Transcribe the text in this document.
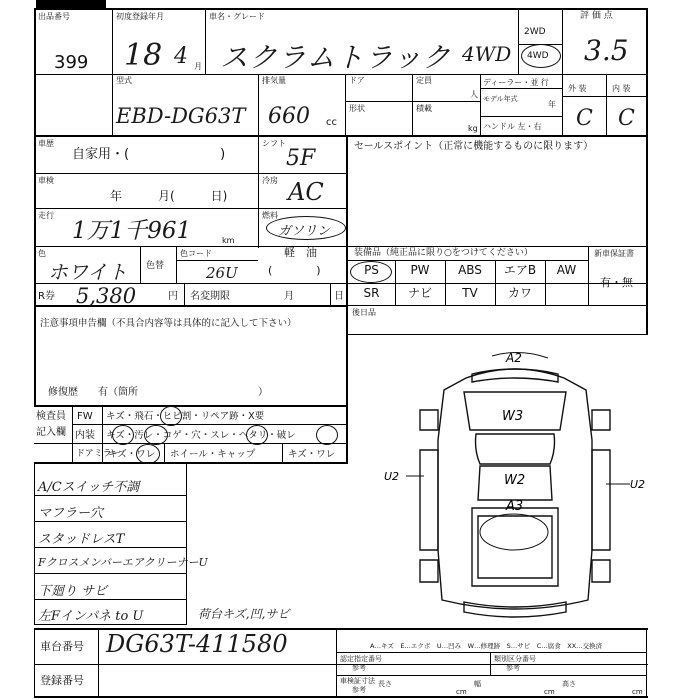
出品番号
399
初度登録年月
18 4 月
車名・グレード
スクラムトラック 4WD
2WD
4WD
評 価 点
3.5
型式
EBD-DG63T
排気量
660 cc
ドア	定員
人
形状	積載
kg
ディーラー・並 行
モデル年式
年
ハンドル 左・右
外 装	内 装
C C
車歴
自家用・(　　　　　　　)
シフト
5F	セールスポイント（正常に機能するものに限ります）
車検
年　　　月(　　　日)
冷房 AC
走行
1万1千961	km
燃料
ガソリン
軽　油
(　　　　)
色
ホワイト 色替
色コード
26U
装備品（純正品に限り○をつけてください）	新車保証書
有・無
PS	PW	ABS	エアB	AW
SR	ナビ	TV	カワ
後日品
R券 5,380	円 名変期限	月	日
注意事項申告欄（不具合内容等は具体的に記入して下さい）
修復歴　　有（箇所　　　　　　　　　　　　）
検査員
記入欄
FW キズ・飛石・ヒビ割・リペア跡・X要
内装 キズ・汚レ・コゲ・穴・スレ・ヘタリ・破レ
ドアミラー
キズ・ワレ ホイール・キャップ	キズ・ワレ
A/Cスイッチ不調
マフラー穴
スタッドレスT
FクロスメンバーエアクリーナーU
下廻り サビ
左Fインパネ to U	荷台キズ,凹,サビ
A2
W3
W2
A3
U2
U2
車台番号 DG63T-411580
登録番号
A…キズ　E…エクボ　U…凹み　W…修理跡　S…サビ　C…腐食　XX…交換済
認定指定番号
参考
類別区分番号
参考
車検証寸法
参考
長さ
cm
幅
cm
高さ
cm
